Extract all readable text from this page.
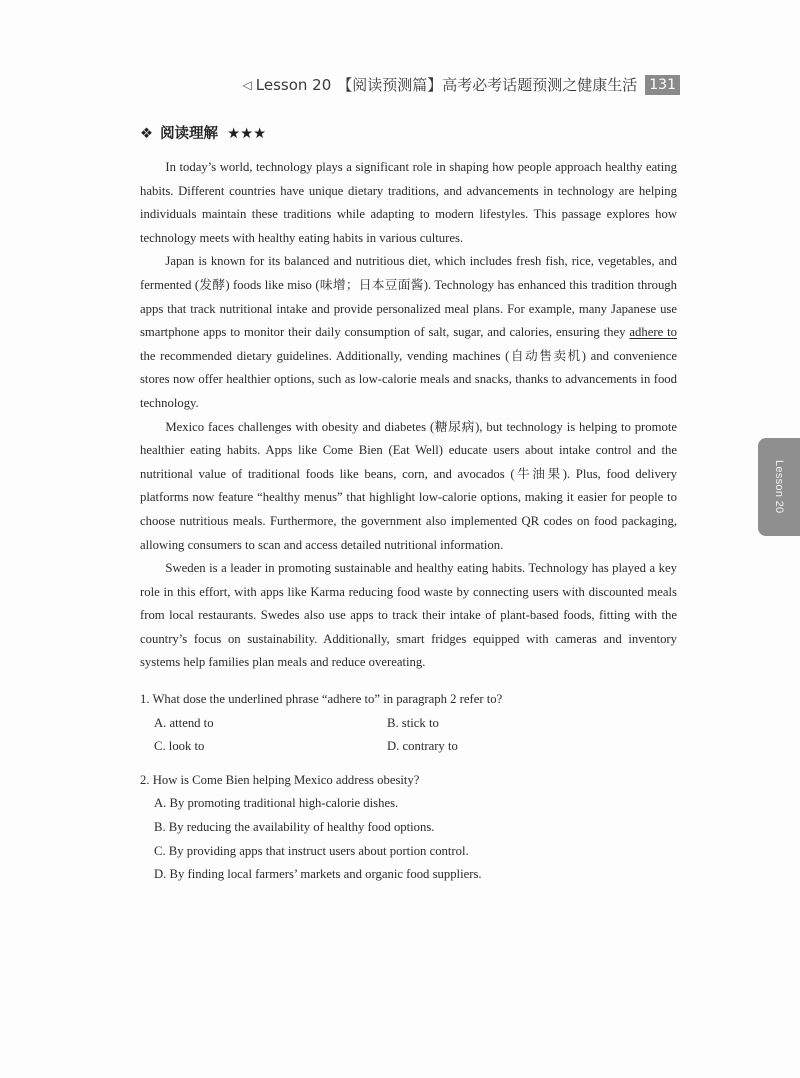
◁ Lesson 20 【阅读预测篇】高考必考话题预测之健康生活 131
❖ 阅读理解 ★★★
Lesson 20

In today’s world, technology plays a significant role in shaping how people approach healthy eating habits. Different countries have unique dietary traditions, and advancements in technology are helping individuals maintain these traditions while adapting to modern lifestyles. This passage explores how technology meets with healthy eating habits in various cultures.

Japan is known for its balanced and nutritious diet, which includes fresh fish, rice, vegetables, and fermented (发酵) foods like miso (味增；日本豆面酱). Technology has enhanced this tradition through apps that track nutritional intake and provide personalized meal plans. For example, many Japanese use smartphone apps to monitor their daily consumption of salt, sugar, and calories, ensuring they adhere to the recommended dietary guidelines. Additionally, vending machines (自动售卖机) and convenience stores now offer healthier options, such as low-calorie meals and snacks, thanks to advancements in food technology.

Mexico faces challenges with obesity and diabetes (糖尿病), but technology is helping to promote healthier eating habits. Apps like Come Bien (Eat Well) educate users about intake control and the nutritional value of traditional foods like beans, corn, and avocados (牛油果). Plus, food delivery platforms now feature “healthy menus” that highlight low-calorie options, making it easier for people to choose nutritious meals. Furthermore, the government also implemented QR codes on food packaging, allowing consumers to scan and access detailed nutritional information.

Sweden is a leader in promoting sustainable and healthy eating habits. Technology has played a key role in this effort, with apps like Karma reducing food waste by connecting users with discounted meals from local restaurants. Swedes also use apps to track their intake of plant-based foods, fitting with the country’s focus on sustainability. Additionally, smart fridges equipped with cameras and inventory systems help families plan meals and reduce overeating.

1. What dose the underlined phrase “adhere to” in paragraph 2 refer to?

A. attend to	B. stick to
C. look to	D. contrary to

2. How is Come Bien helping Mexico address obesity?

A. By promoting traditional high-calorie dishes.
B. By reducing the availability of healthy food options.
C. By providing apps that instruct users about portion control.
D. By finding local farmers’ markets and organic food suppliers.
